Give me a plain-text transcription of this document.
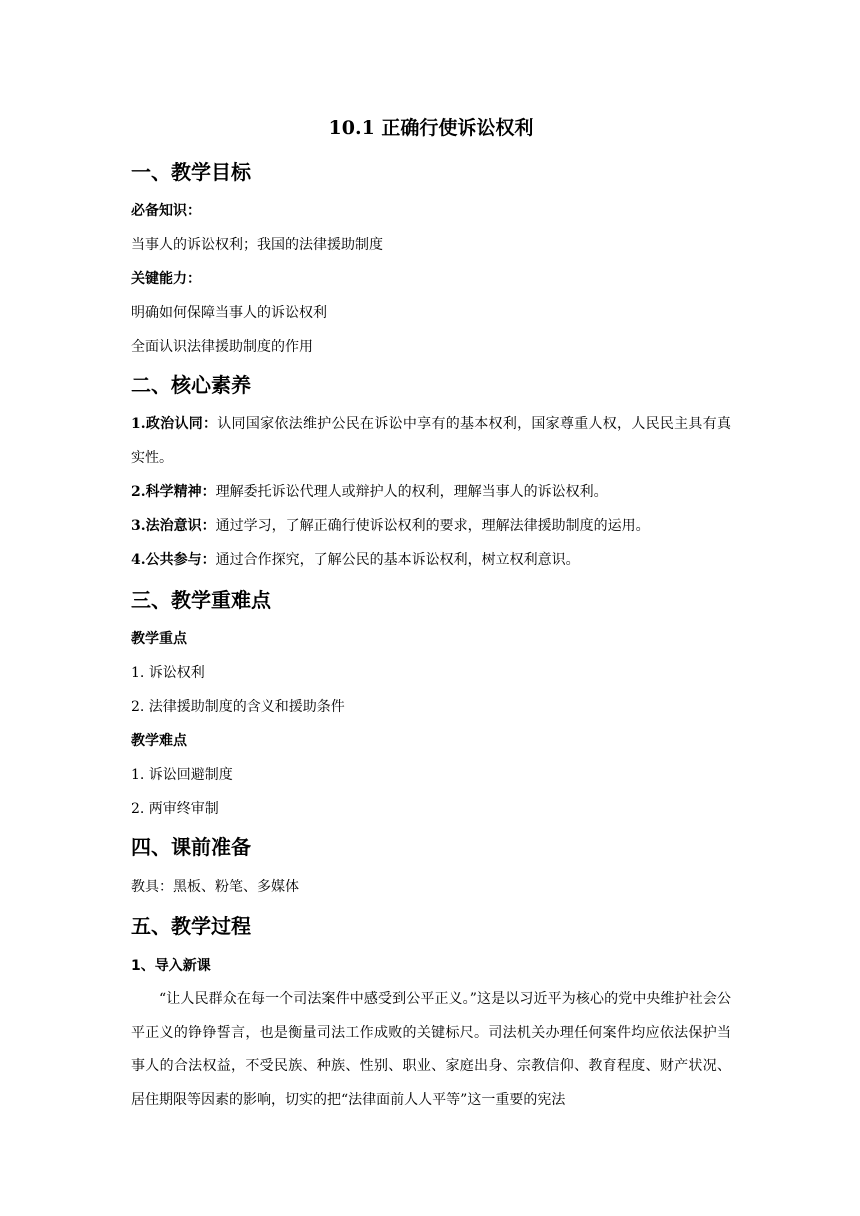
10.1 正确行使诉讼权利
一、教学目标
必备知识：
当事人的诉讼权利；我国的法律援助制度
关键能力：
明确如何保障当事人的诉讼权利
全面认识法律援助制度的作用
二、核心素养
1.政治认同：认同国家依法维护公民在诉讼中享有的基本权利，国家尊重人权，人民民主具有真实性。
2.科学精神：理解委托诉讼代理人或辩护人的权利，理解当事人的诉讼权利。
3.法治意识：通过学习，了解正确行使诉讼权利的要求，理解法律援助制度的运用。
4.公共参与：通过合作探究，了解公民的基本诉讼权利，树立权利意识。
三、教学重难点
教学重点
1. 诉讼权利
2. 法律援助制度的含义和援助条件
教学难点
1. 诉讼回避制度
2. 两审终审制
四、课前准备
教具：黑板、粉笔、多媒体
五、教学过程
1、导入新课
“让人民群众在每一个司法案件中感受到公平正义。”这是以习近平为核心的党中央维护社会公平正义的铮铮誓言，也是衡量司法工作成败的关键标尺。司法机关办理任何案件均应依法保护当事人的合法权益，不受民族、种族、性别、职业、家庭出身、宗教信仰、教育程度、财产状况、居住期限等因素的影响，切实的把“法律面前人人平等”这一重要的宪法
